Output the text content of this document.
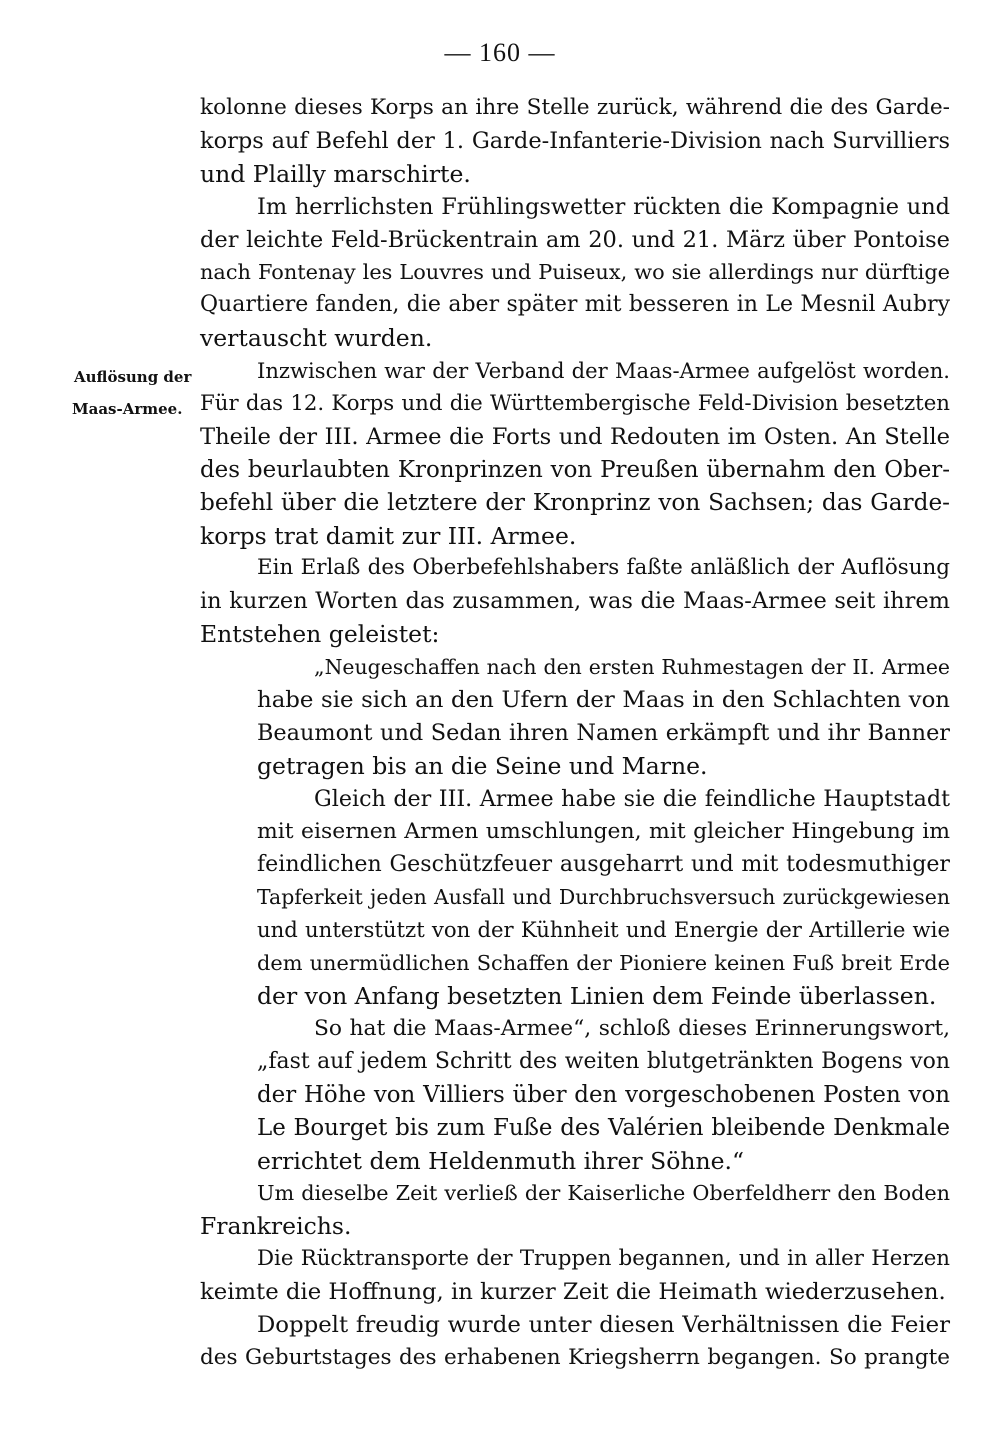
— 160 —
Auflösung der
Maas-Armee.
kolonne dieses Korps an ihre Stelle zurück, während die des Garde-
korps auf Befehl der 1. Garde-Infanterie-Division nach Survilliers
und Plailly marschirte.
Im herrlichsten Frühlingswetter rückten die Kompagnie und
der leichte Feld-Brückentrain am 20. und 21. März über Pontoise
nach Fontenay les Louvres und Puiseux, wo sie allerdings nur dürftige
Quartiere fanden, die aber später mit besseren in Le Mesnil Aubry
vertauscht wurden.
Inzwischen war der Verband der Maas-Armee aufgelöst worden.
Für das 12. Korps und die Württembergische Feld-Division besetzten
Theile der III. Armee die Forts und Redouten im Osten. An Stelle
des beurlaubten Kronprinzen von Preußen übernahm den Ober-
befehl über die letztere der Kronprinz von Sachsen; das Garde-
korps trat damit zur III. Armee.
Ein Erlaß des Oberbefehlshabers faßte anläßlich der Auflösung
in kurzen Worten das zusammen, was die Maas-Armee seit ihrem
Entstehen geleistet:
„Neugeschaffen nach den ersten Ruhmestagen der II. Armee
habe sie sich an den Ufern der Maas in den Schlachten von
Beaumont und Sedan ihren Namen erkämpft und ihr Banner
getragen bis an die Seine und Marne.
Gleich der III. Armee habe sie die feindliche Hauptstadt
mit eisernen Armen umschlungen, mit gleicher Hingebung im
feindlichen Geschützfeuer ausgeharrt und mit todesmuthiger
Tapferkeit jeden Ausfall und Durchbruchsversuch zurückgewiesen
und unterstützt von der Kühnheit und Energie der Artillerie wie
dem unermüdlichen Schaffen der Pioniere keinen Fuß breit Erde
der von Anfang besetzten Linien dem Feinde überlassen.
So hat die Maas-Armee“, schloß dieses Erinnerungswort,
„fast auf jedem Schritt des weiten blutgetränkten Bogens von
der Höhe von Villiers über den vorgeschobenen Posten von
Le Bourget bis zum Fuße des Valérien bleibende Denkmale
errichtet dem Heldenmuth ihrer Söhne.“
Um dieselbe Zeit verließ der Kaiserliche Oberfeldherr den Boden
Frankreichs.
Die Rücktransporte der Truppen begannen, und in aller Herzen
keimte die Hoffnung, in kurzer Zeit die Heimath wiederzusehen.
Doppelt freudig wurde unter diesen Verhältnissen die Feier
des Geburtstages des erhabenen Kriegsherrn begangen. So prangte
